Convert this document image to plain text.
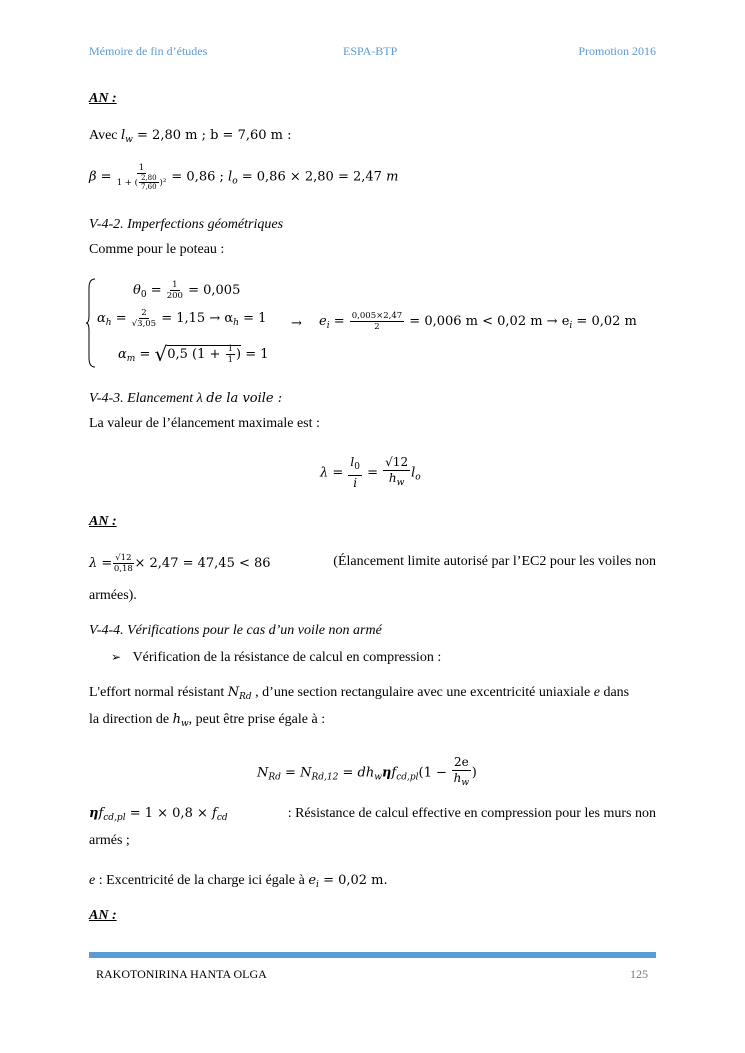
Mémoire de fin d’études	ESPA-BTP	Promotion 2016
AN :
Avec $l_w = 2,80$ m ; b = 7,60 m :
$\beta = \frac{1}{1 + ( \frac{2,80}{7,60} )^2} = 0,86$ ; $l_o = 0,86 \times 2,80 = 2,47$ m
V-4-2. Imperfections géométriques
Comme pour le poteau :
$\theta_0 = \frac{1}{200} = 0,005$
$\alpha_h = \frac{2}{√3,05} = 1,15 \to \alpha_h = 1$
$\alpha_m = √0,5$ ($1 + \frac{1}{1}$ ) = 1
→ $e_i = \frac{0,005\times 2,47}{2} = 0,006$ m < 0,02 $m \to e_i = 0,02$ m
V-4-3. Elancement λ de la voile :
La valeur de l’élancement maximale est :
$\lambda = \frac{l_0}{i} = \frac{√12}{h_w} l_o$
AN :
$\lambda = \frac{√12}{0,18} \times 2,47 = 47,45 < 86$	(Élancement limite autorisé par l’EC2 pour les voiles non
armées).
V-4-4. Vérifications pour le cas d’un voile non armé
➢ Vérification de la résistance de calcul en compression :
L'effort normal résistant $N_{Rd}$ , d’une section rectangulaire avec une excentricité uniaxiale e dans
la direction de $h_w$, peut être prise égale à :
$N_{Rd} = N_{Rd,12} = dh_w\eta f_{cd,pl}(1 - \frac{2e}{h_w}$ )
$\eta f_{cd,pl} = 1 \times 0,8 \times f_{cd}$	: Résistance de calcul effective en compression pour les murs non
armés ;
e : Excentricité de la charge ici égale à $e_i = 0,02$ m.
AN :
RAKOTONIRINA HANTA OLGA	125
